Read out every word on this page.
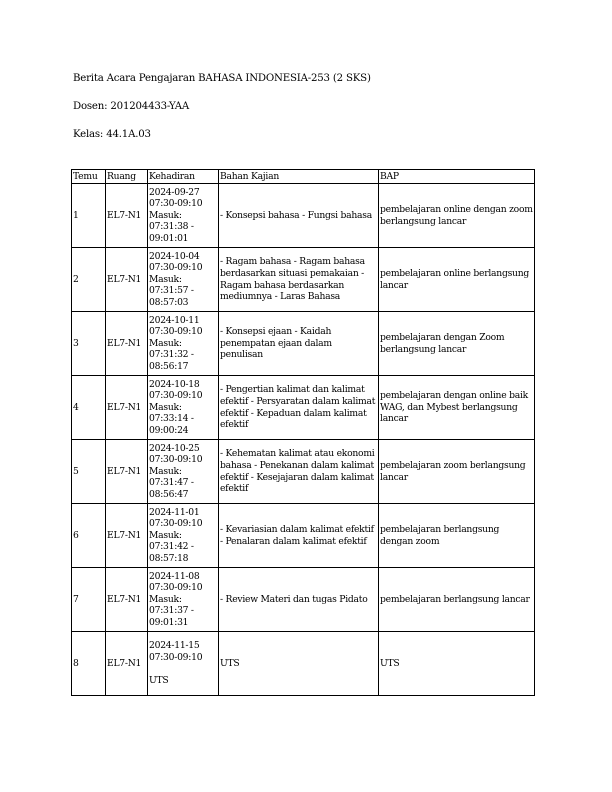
Berita Acara Pengajaran BAHASA INDONESIA-253 (2 SKS)
Dosen: 201204433-YAA
Kelas: 44.1A.03
Temu	Ruang	Kehadiran	Bahan Kajian	BAP
1	EL7-N1	2024-09-27
07:30-09:10
Masuk:
07:31:38 -
09:01:01	- Konsepsi bahasa - Fungsi bahasa	pembelajaran online dengan zoom berlangsung lancar
2	EL7-N1	2024-10-04
07:30-09:10
Masuk:
07:31:57 -
08:57:03	- Ragam bahasa - Ragam bahasa berdasarkan situasi pemakaian - Ragam bahasa berdasarkan mediumnya - Laras Bahasa	pembelajaran online berlangsung lancar
3	EL7-N1	2024-10-11
07:30-09:10
Masuk:
07:31:32 -
08:56:17	- Konsepsi ejaan - Kaidah penempatan ejaan dalam penulisan	pembelajaran dengan Zoom berlangsung lancar
4	EL7-N1	2024-10-18
07:30-09:10
Masuk:
07:33:14 -
09:00:24	- Pengertian kalimat dan kalimat efektif - Persyaratan dalam kalimat efektif - Kepaduan dalam kalimat efektif	pembelajaran dengan online baik WAG, dan Mybest berlangsung lancar
5	EL7-N1	2024-10-25
07:30-09:10
Masuk:
07:31:47 -
08:56:47	- Kehematan kalimat atau ekonomi bahasa - Penekanan dalam kalimat efektif - Kesejajaran dalam kalimat efektif	pembelajaran zoom berlangsung lancar
6	EL7-N1	2024-11-01
07:30-09:10
Masuk:
07:31:42 -
08:57:18	- Kevariasian dalam kalimat efektif - Penalaran dalam kalimat efektif	pembelajaran berlangsung dengan zoom
7	EL7-N1	2024-11-08
07:30-09:10
Masuk:
07:31:37 -
09:01:31	- Review Materi dan tugas Pidato	pembelajaran berlangsung lancar
8	EL7-N1	2024-11-15
07:30-09:10
UTS	UTS	UTS
